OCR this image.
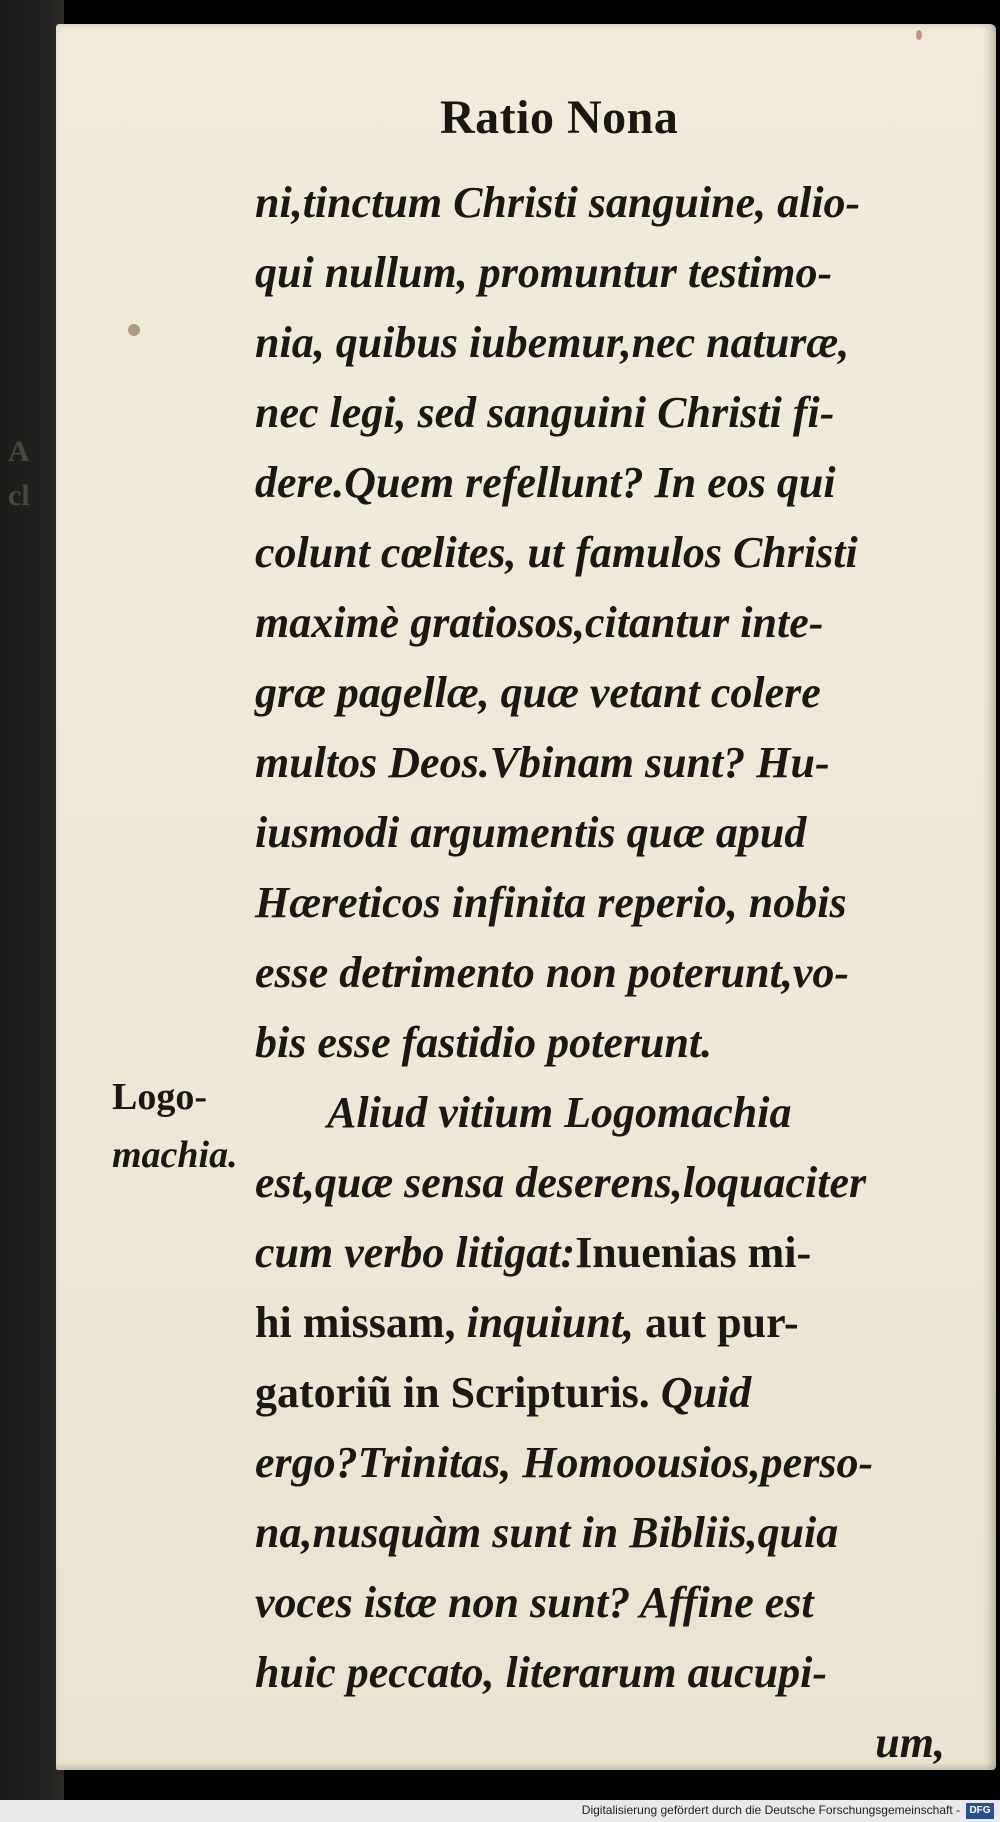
A
cl
Ratio Nona
ni,tinctum Christi sanguine, alio-
qui nullum, promuntur testimo-
nia, quibus iubemur,nec naturæ,
nec legi, sed sanguini Christi fi-
dere.Quem refellunt? In eos qui
colunt cœlites, ut famulos Christi
maximè gratiosos,citantur inte-
græ pagellæ, quæ vetant colere
multos Deos.Vbinam sunt? Hu-
iusmodi argumentis quæ apud
Hæreticos infinita reperio, nobis
esse detrimento non poterunt,vo-
bis esse fastidio poterunt.
Aliud vitium Logomachia
est,quæ sensa deserens,loquaciter
cum verbo litigat:Inuenias mi-
hi missam, inquiunt, aut pur-
gatoriũ in Scripturis. Quid
ergo?Trinitas, Homoousios,perso-
na,nusquàm sunt in Bibliis,quia
voces istæ non sunt? Affine est
huic peccato, literarum aucupi-
um,
Logo-
machia.
Digitalisierung gefördert durch die Deutsche Forschungsgemeinschaft - DFG
